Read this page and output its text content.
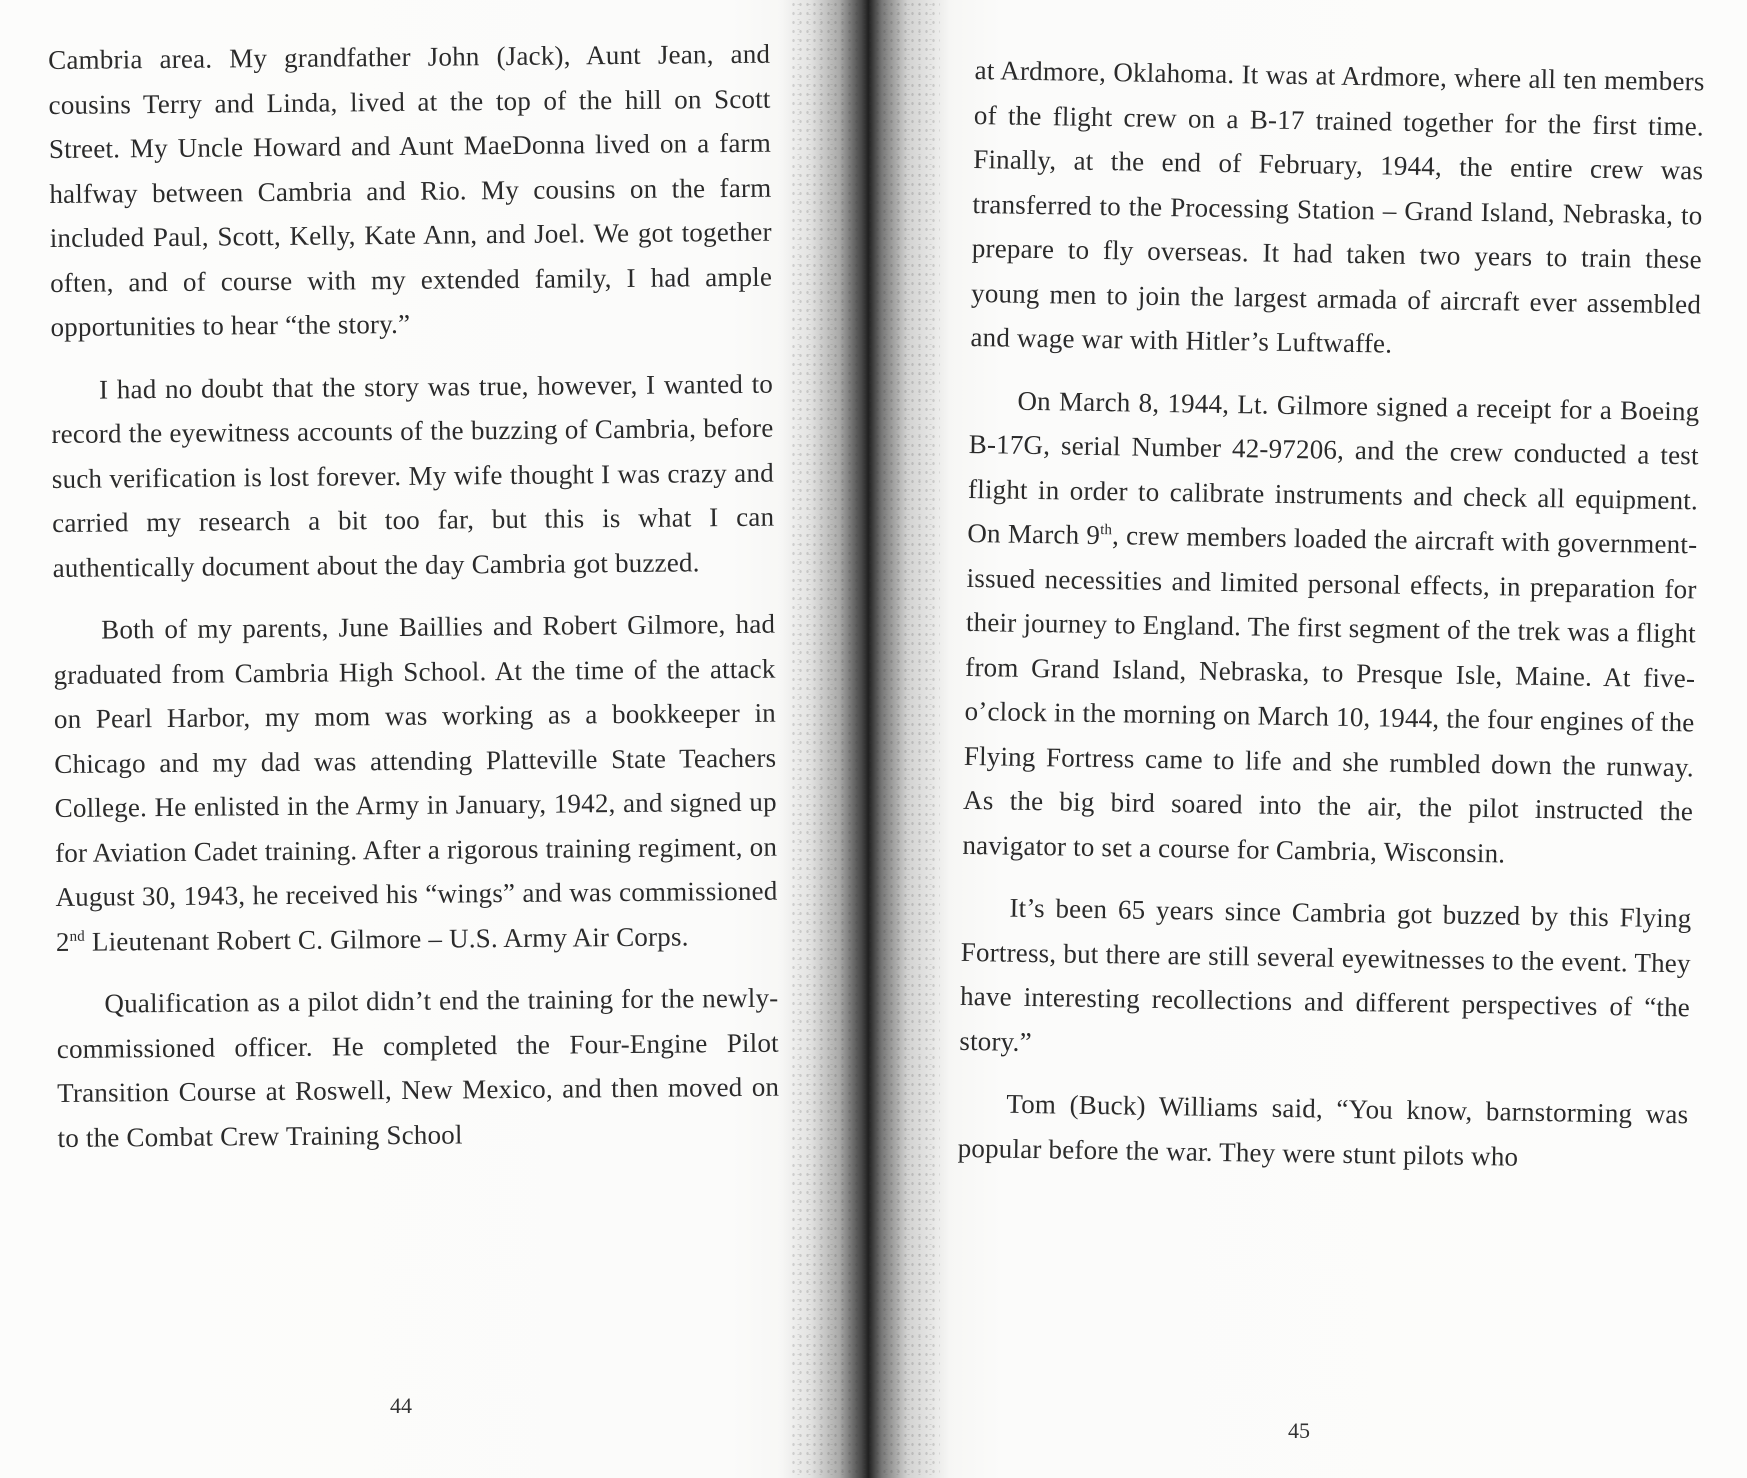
Cambria area. My grandfather John (Jack), Aunt Jean, and cousins Terry and Linda, lived at the top of the hill on Scott Street. My Uncle Howard and Aunt MaeDonna lived on a farm halfway between Cambria and Rio. My cousins on the farm included Paul, Scott, Kelly, Kate Ann, and Joel. We got together often, and of course with my extended family, I had ample opportunities to hear “the story.”

I had no doubt that the story was true, however, I wanted to record the eyewitness accounts of the buzzing of Cambria, before such verification is lost forever. My wife thought I was crazy and carried my research a bit too far, but this is what I can authentically document about the day Cambria got buzzed.

Both of my parents, June Baillies and Robert Gilmore, had graduated from Cambria High School. At the time of the attack on Pearl Harbor, my mom was working as a bookkeeper in Chicago and my dad was attending Platteville State Teachers College. He enlisted in the Army in January, 1942, and signed up for Aviation Cadet training. After a rigorous training regiment, on August 30, 1943, he received his “wings” and was commissioned 2nd Lieutenant Robert C. Gilmore – U.S. Army Air Corps.

Qualification as a pilot didn’t end the training for the newly-commissioned officer. He completed the Four-Engine Pilot Transition Course at Roswell, New Mexico, and then moved on to the Combat Crew Training School

at Ardmore, Oklahoma. It was at Ardmore, where all ten members of the flight crew on a B-17 trained together for the first time. Finally, at the end of February, 1944, the entire crew was transferred to the Processing Station – Grand Island, Nebraska, to prepare to fly overseas. It had taken two years to train these young men to join the largest armada of aircraft ever assembled and wage war with Hitler’s Luftwaffe.

On March 8, 1944, Lt. Gilmore signed a receipt for a Boeing B-17G, serial Number 42-97206, and the crew conducted a test flight in order to calibrate instruments and check all equipment. On March 9th, crew members loaded the aircraft with government-issued necessities and limited personal effects, in preparation for their journey to England. The first segment of the trek was a flight from Grand Island, Nebraska, to Presque Isle, Maine. At five-o’clock in the morning on March 10, 1944, the four engines of the Flying Fortress came to life and she rumbled down the runway. As the big bird soared into the air, the pilot instructed the navigator to set a course for Cambria, Wisconsin.

It’s been 65 years since Cambria got buzzed by this Flying Fortress, but there are still several eyewitnesses to the event. They have interesting recollections and different perspectives of “the story.”

Tom (Buck) Williams said, “You know, barnstorming was popular before the war. They were stunt pilots who

44
45
